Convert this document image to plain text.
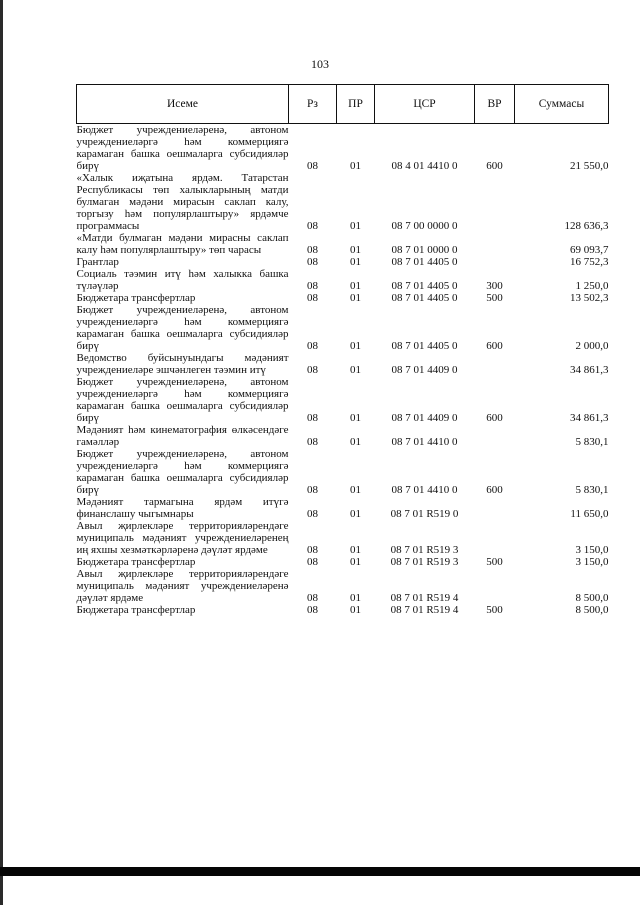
103
Исеме	Рз	ПР	ЦСР	ВР	Суммасы
Бюджет учреждениеләренә, автоном учреждениеләргә һәм коммерциягә карамаган башка оешмаларга субсидияләр бирү	08	01	08 4 01 4410 0	600	21 550,0
«Халык иҗатына ярдәм. Татарстан Республикасы төп халыкларының матди булмаган мәдәни мирасын саклап калу, торгызу һәм популярлаштыру» ярдәмче программасы	08	01	08 7 00 0000 0		128 636,3
«Матди булмаган мәдәни мирасны саклап калу һәм популярлаштыру» төп чарасы	08	01	08 7 01 0000 0		69 093,7
Грантлар	08	01	08 7 01 4405 0		16 752,3
Социаль тәэмин итү һәм халыкка башка түләүләр	08	01	08 7 01 4405 0	300	1 250,0
Бюджетара трансфертлар	08	01	08 7 01 4405 0	500	13 502,3
Бюджет учреждениеләренә, автоном учреждениеләргә һәм коммерциягә карамаган башка оешмаларга субсидияләр бирү	08	01	08 7 01 4405 0	600	2 000,0
Ведомство буйсынуындагы мәдәният учреждениеләре эшчәнлеген тәэмин итү	08	01	08 7 01 4409 0		34 861,3
Бюджет учреждениеләренә, автоном учреждениеләргә һәм коммерциягә карамаган башка оешмаларга субсидияләр бирү	08	01	08 7 01 4409 0	600	34 861,3
Мәдәният һәм кинематография өлкәсендәге гамәлләр	08	01	08 7 01 4410 0		5 830,1
Бюджет учреждениеләренә, автоном учреждениеләргә һәм коммерциягә карамаган башка оешмаларга субсидияләр бирү	08	01	08 7 01 4410 0	600	5 830,1
Мәдәният тармагына ярдәм итүгә финанслашу чыгымнары	08	01	08 7 01 R519 0		11 650,0
Авыл җирлекләре территорияләрендәге муниципаль мәдәният учреждениеләренең иң яхшы хезмәткәрләренә дәүләт ярдәме	08	01	08 7 01 R519 3		3 150,0
Бюджетара трансфертлар	08	01	08 7 01 R519 3	500	3 150,0
Авыл җирлекләре территорияләрендәге муниципаль мәдәният учреждениеләренә дәүләт ярдәме	08	01	08 7 01 R519 4		8 500,0
Бюджетара трансфертлар	08	01	08 7 01 R519 4	500	8 500,0
